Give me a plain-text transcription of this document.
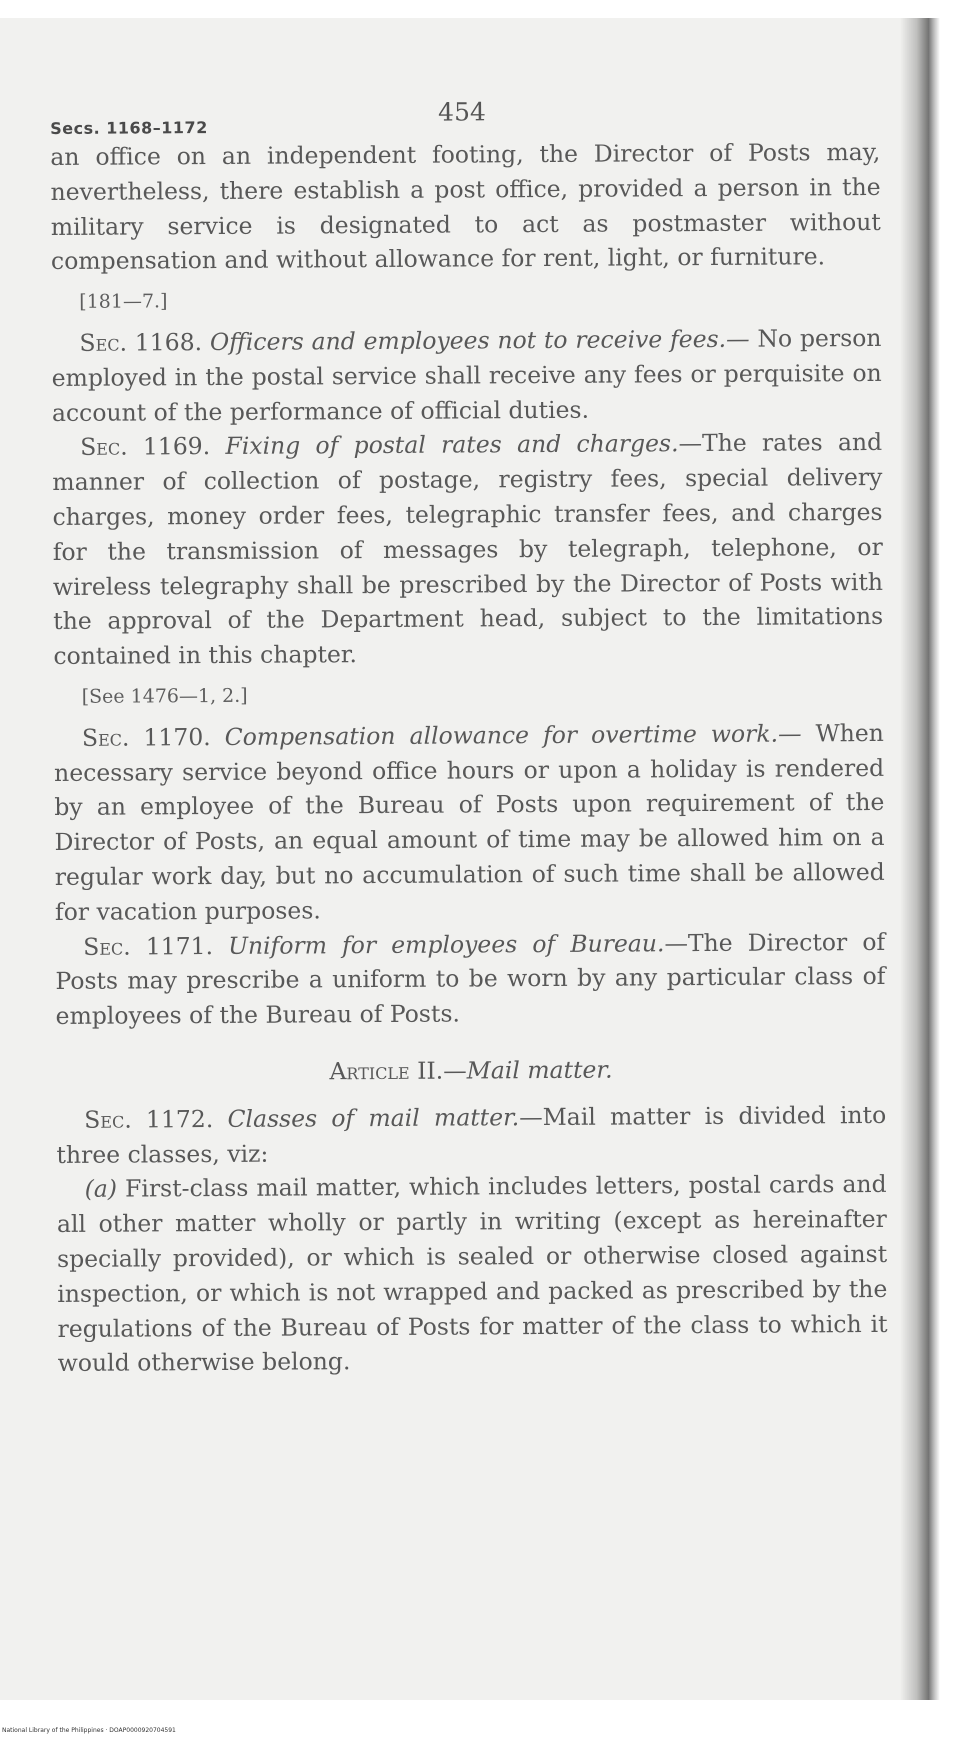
Secs. 1168–1172
454

an office on an independent footing, the Director of Posts may, nevertheless, there establish a post office, provided a person in the military service is designated to act as postmaster without compensation and without allowance for rent, light, or furniture.

[181—7.]

Sec. 1168. Officers and employees not to receive fees.— No person employed in the postal service shall receive any fees or perquisite on account of the performance of official duties.

Sec. 1169. Fixing of postal rates and charges.—The rates and manner of collection of postage, registry fees, special delivery charges, money order fees, telegraphic transfer fees, and charges for the transmission of messages by telegraph, telephone, or wireless telegraphy shall be prescribed by the Director of Posts with the approval of the Department head, subject to the limitations contained in this chapter.

[See 1476—1, 2.]

Sec. 1170. Compensation allowance for overtime work.— When necessary service beyond office hours or upon a holiday is rendered by an employee of the Bureau of Posts upon requirement of the Director of Posts, an equal amount of time may be allowed him on a regular work day, but no accumulation of such time shall be allowed for vacation purposes.

Sec. 1171. Uniform for employees of Bureau.—The Director of Posts may prescribe a uniform to be worn by any particular class of employees of the Bureau of Posts.

Article II.—Mail matter.

Sec. 1172. Classes of mail matter.—Mail matter is divided into three classes, viz:

(a) First-class mail matter, which includes letters, postal cards and all other matter wholly or partly in writing (except as hereinafter specially provided), or which is sealed or otherwise closed against inspection, or which is not wrapped and packed as prescribed by the regulations of the Bureau of Posts for matter of the class to which it would otherwise belong.

National Library of the Philippines · DOAP0000920704591
